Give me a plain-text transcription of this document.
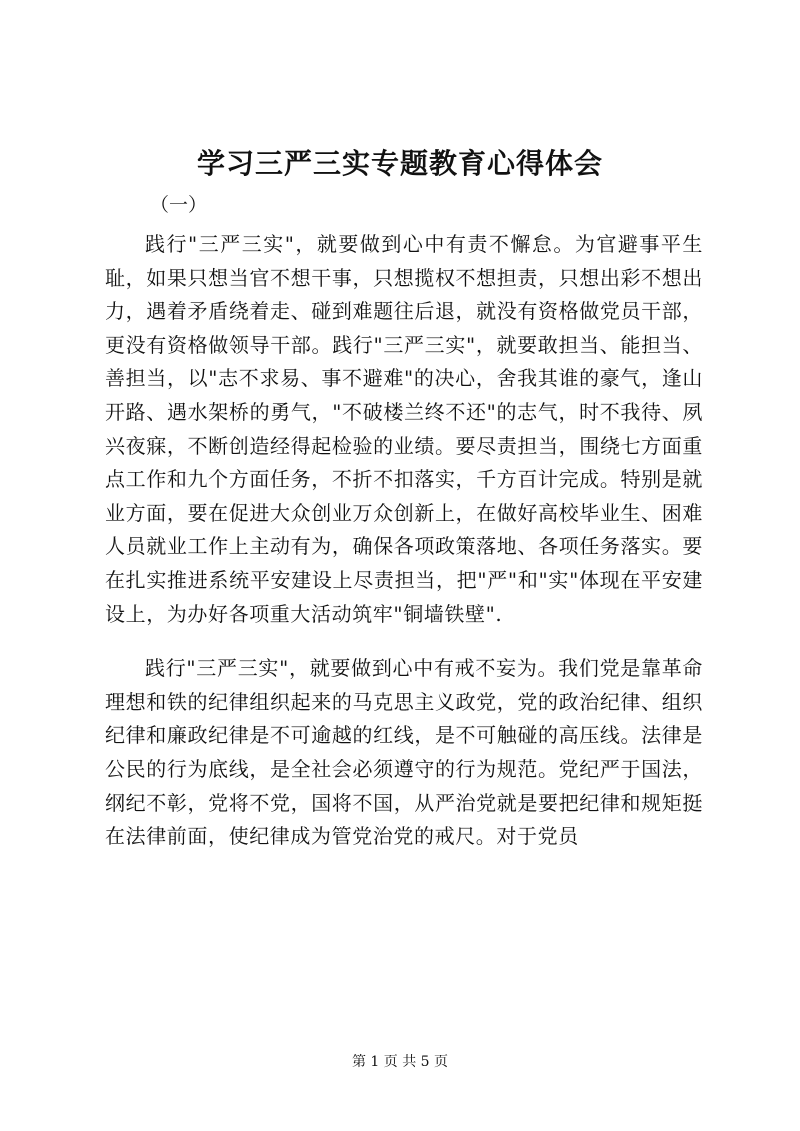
学习三严三实专题教育心得体会
（一）

践行"三严三实"，就要做到心中有责不懈怠。为官避事平生耻，如果只想当官不想干事，只想揽权不想担责，只想出彩不想出力，遇着矛盾绕着走、碰到难题往后退，就没有资格做党员干部，更没有资格做领导干部。践行"三严三实"，就要敢担当、能担当、善担当，以"志不求易、事不避难"的决心，舍我其谁的豪气，逢山开路、遇水架桥的勇气，"不破楼兰终不还"的志气，时不我待、夙兴夜寐，不断创造经得起检验的业绩。要尽责担当，围绕七方面重点工作和九个方面任务，不折不扣落实，千方百计完成。特别是就业方面，要在促进大众创业万众创新上，在做好高校毕业生、困难人员就业工作上主动有为，确保各项政策落地、各项任务落实。要在扎实推进系统平安建设上尽责担当，把"严"和"实"体现在平安建设上，为办好各项重大活动筑牢"铜墙铁壁".

践行"三严三实"，就要做到心中有戒不妄为。我们党是靠革命理想和铁的纪律组织起来的马克思主义政党，党的政治纪律、组织纪律和廉政纪律是不可逾越的红线，是不可触碰的高压线。法律是公民的行为底线，是全社会必须遵守的行为规范。党纪严于国法，纲纪不彰，党将不党，国将不国，从严治党就是要把纪律和规矩挺在法律前面，使纪律成为管党治党的戒尺。对于党员

第 1 页 共 5 页
